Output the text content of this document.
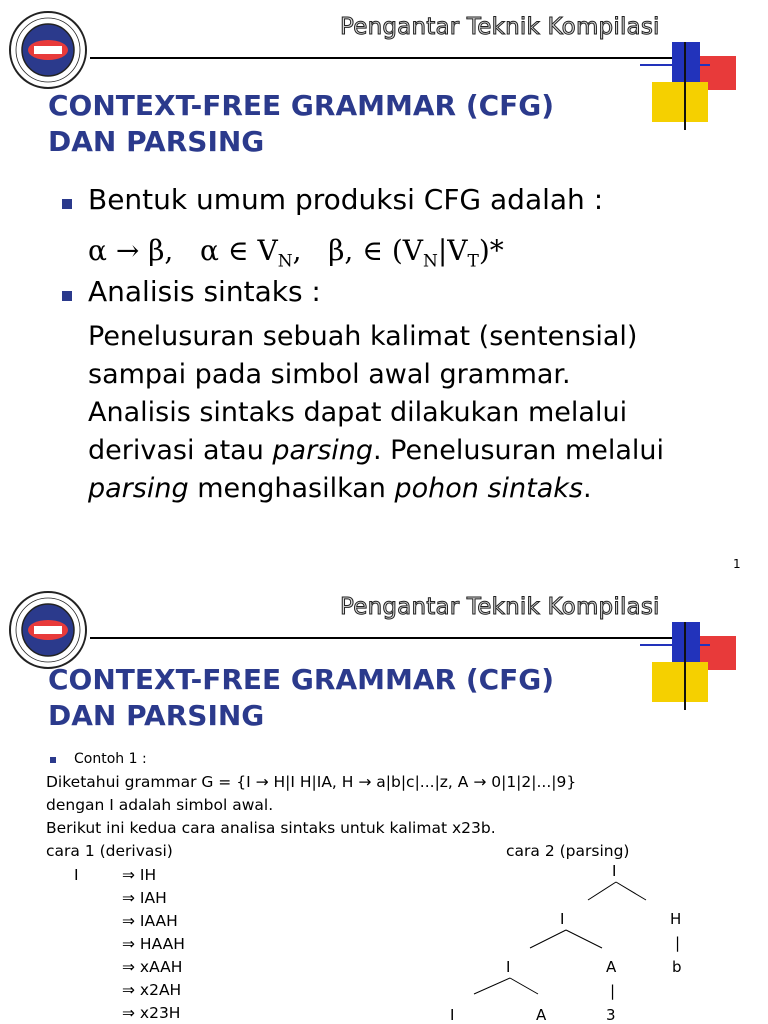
Pengantar Teknik Kompilasi
CONTEXT-FREE GRAMMAR (CFG)
DAN PARSING
Bentuk umum produksi CFG adalah :
α → β, α ∈ $V_N$, β, ∈ $(V_N|V_T)*$
Analisis sintaks :
Penelusuran sebuah kalimat (sentensial)
sampai pada simbol awal grammar.
Analisis sintaks dapat dilakukan melalui
derivasi atau parsing. Penelusuran melalui
parsing menghasilkan pohon sintaks.
1
Pengantar Teknik Kompilasi
CONTEXT-FREE GRAMMAR (CFG)
DAN PARSING
Contoh 1 :
Diketahui grammar G = {I → H|I H|IA, H → a|b|c|...|z, A → 0|1|2|...|9}
dengan I adalah simbol awal.
Berikut ini kedua cara analisa sintaks untuk kalimat x23b.
cara 1 (derivasi)	cara 2 (parsing)
I	⇒ IH
⇒ IAH
⇒ IAAH
⇒ HAAH
⇒ xAAH
⇒ x2AH
⇒ x23H
I
I	H
|
I	A	b
|
I	A	3
